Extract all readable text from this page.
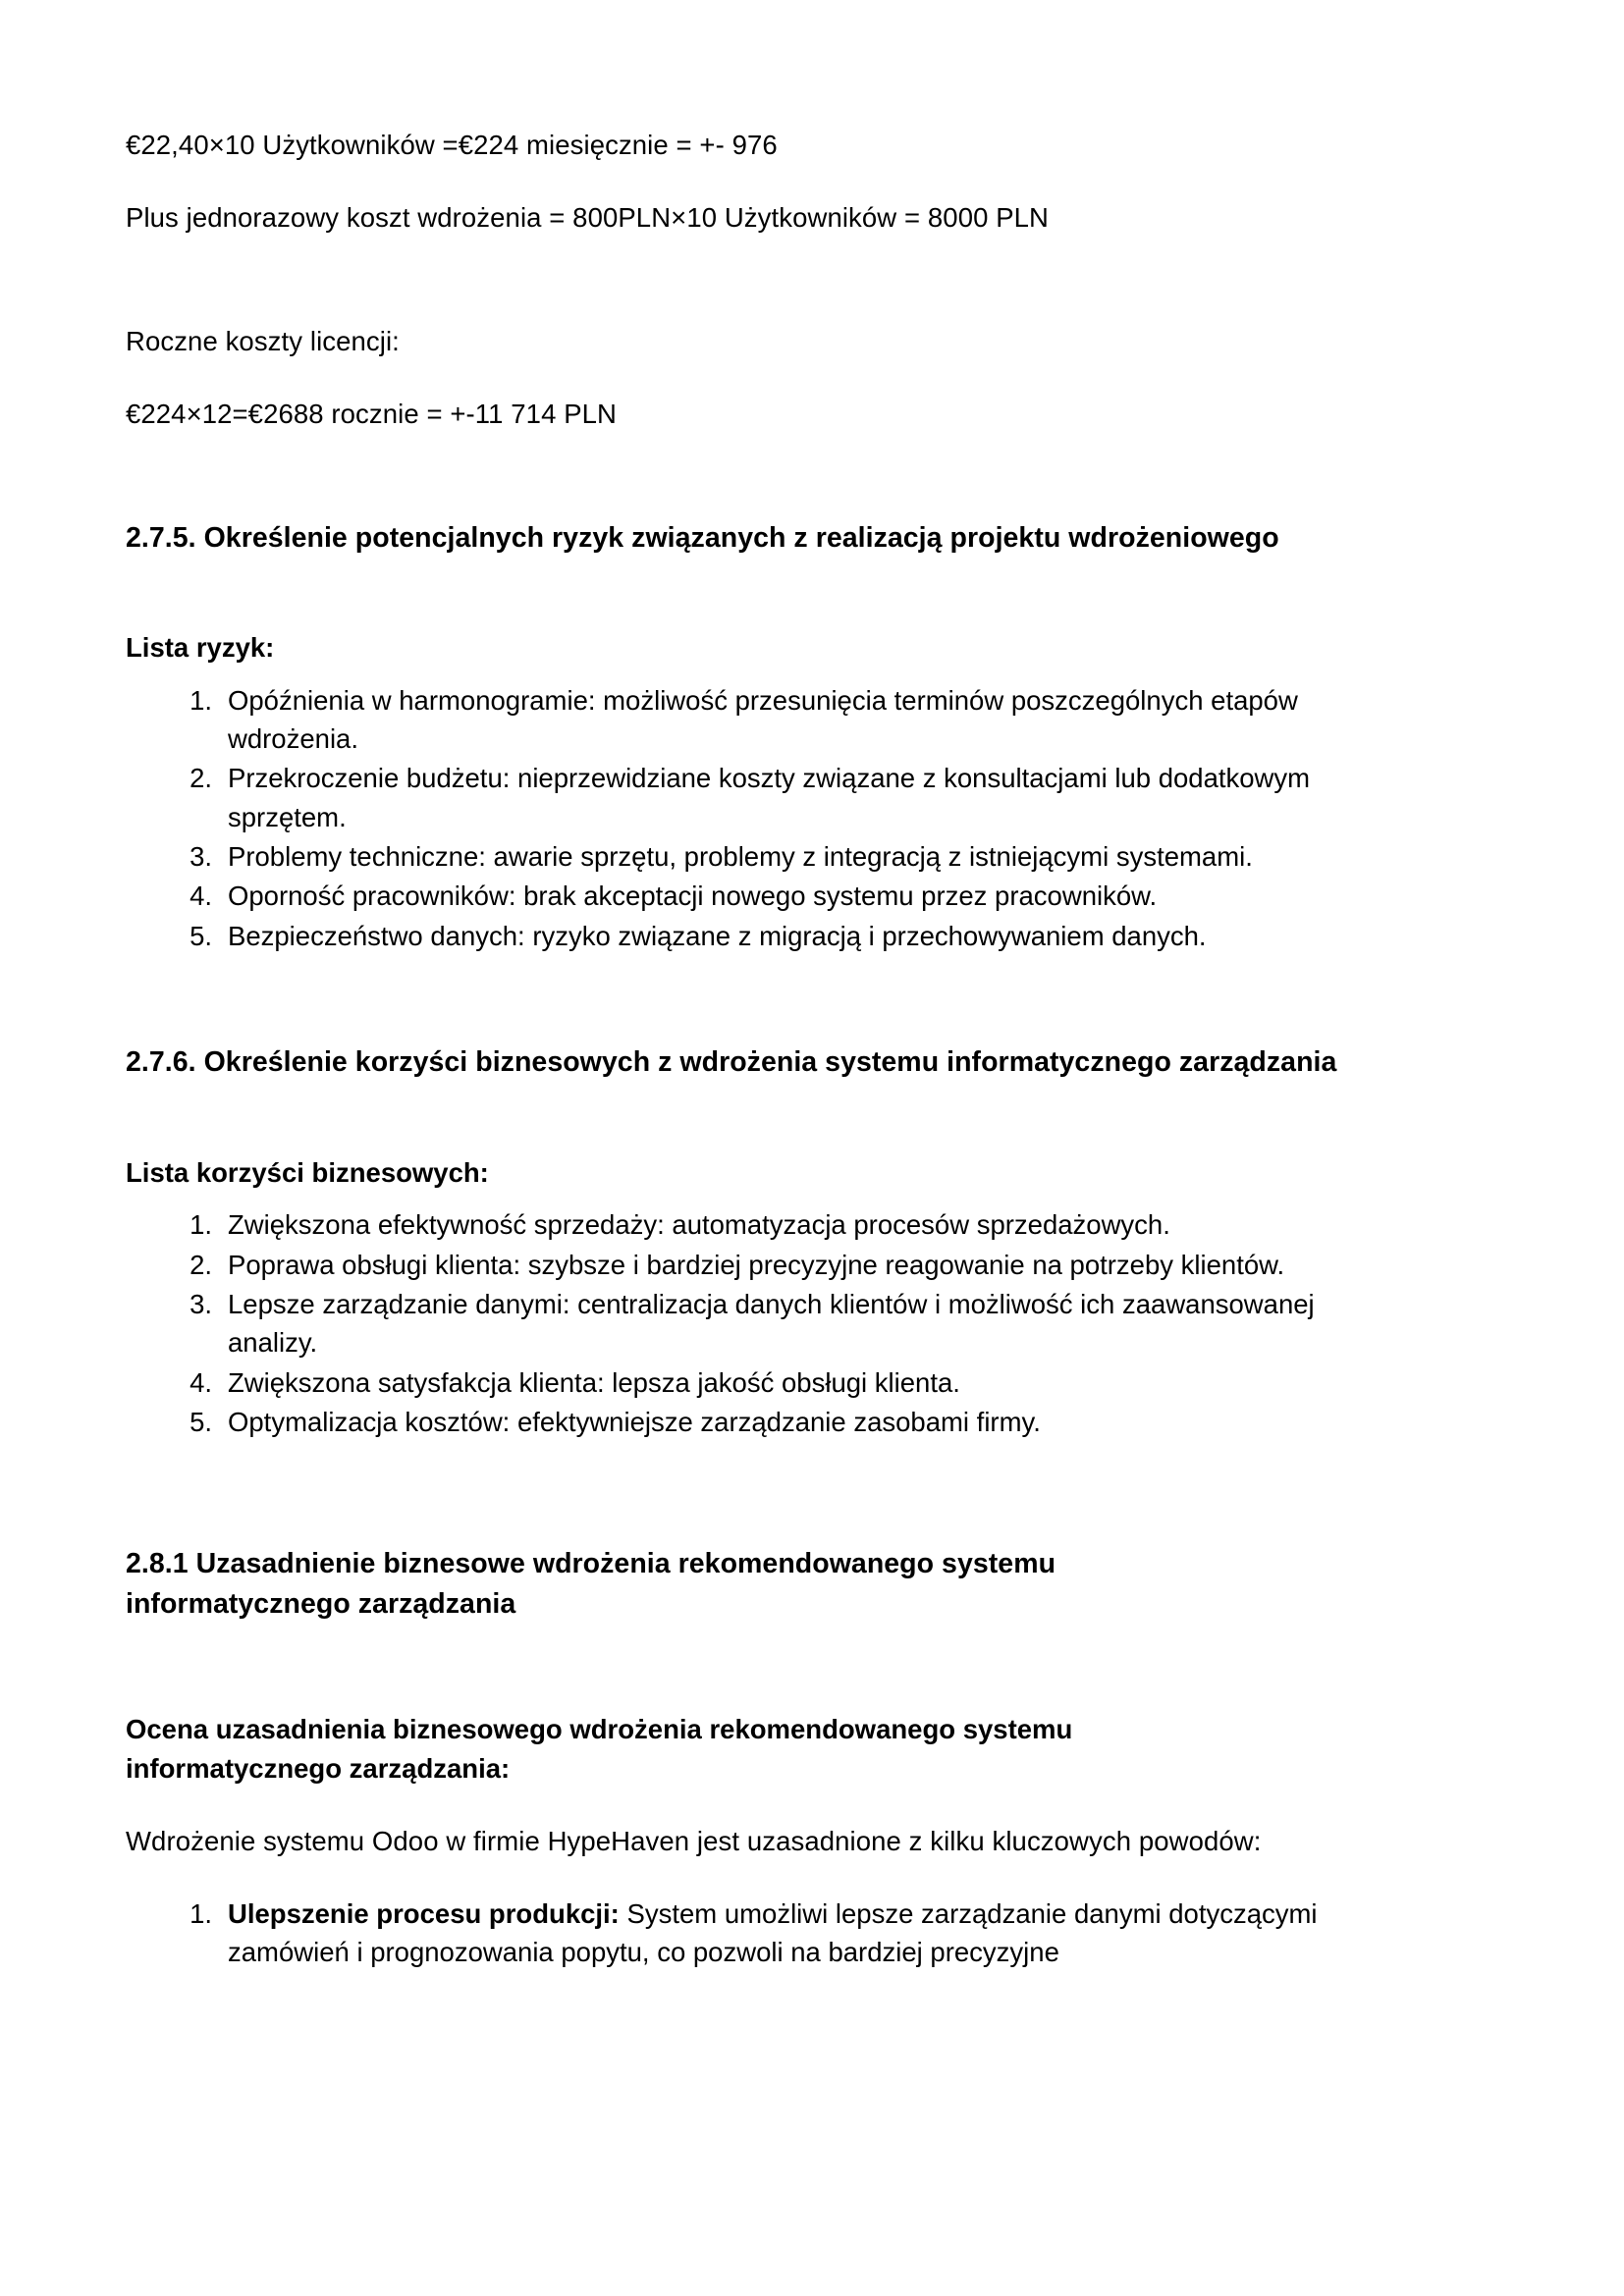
€22,40×10 Użytkowników =€224 miesięcznie = +- 976

Plus jednorazowy koszt wdrożenia = 800PLN×10 Użytkowników = 8000 PLN

Roczne koszty licencji:

€224×12=€2688 rocznie = +-11 714 PLN

2.7.5. Określenie potencjalnych ryzyk związanych z realizacją projektu wdrożeniowego

Lista ryzyk:

Opóźnienia w harmonogramie: możliwość przesunięcia terminów poszczególnych etapów wdrożenia.
Przekroczenie budżetu: nieprzewidziane koszty związane z konsultacjami lub dodatkowym sprzętem.
Problemy techniczne: awarie sprzętu, problemy z integracją z istniejącymi systemami.
Oporność pracowników: brak akceptacji nowego systemu przez pracowników.
Bezpieczeństwo danych: ryzyko związane z migracją i przechowywaniem danych.
2.7.6. Określenie korzyści biznesowych z wdrożenia systemu informatycznego zarządzania

Lista korzyści biznesowych:

Zwiększona efektywność sprzedaży: automatyzacja procesów sprzedażowych.
Poprawa obsługi klienta: szybsze i bardziej precyzyjne reagowanie na potrzeby klientów.
Lepsze zarządzanie danymi: centralizacja danych klientów i możliwość ich zaawansowanej analizy.
Zwiększona satysfakcja klienta: lepsza jakość obsługi klienta.
Optymalizacja kosztów: efektywniejsze zarządzanie zasobami firmy.
2.8.1 Uzasadnienie biznesowe wdrożenia rekomendowanego systemu informatycznego zarządzania

Ocena uzasadnienia biznesowego wdrożenia rekomendowanego systemu informatycznego zarządzania:

Wdrożenie systemu Odoo w firmie HypeHaven jest uzasadnione z kilku kluczowych powodów:

Ulepszenie procesu produkcji: System umożliwi lepsze zarządzanie danymi dotyczącymi zamówień i prognozowania popytu, co pozwoli na bardziej precyzyjne
